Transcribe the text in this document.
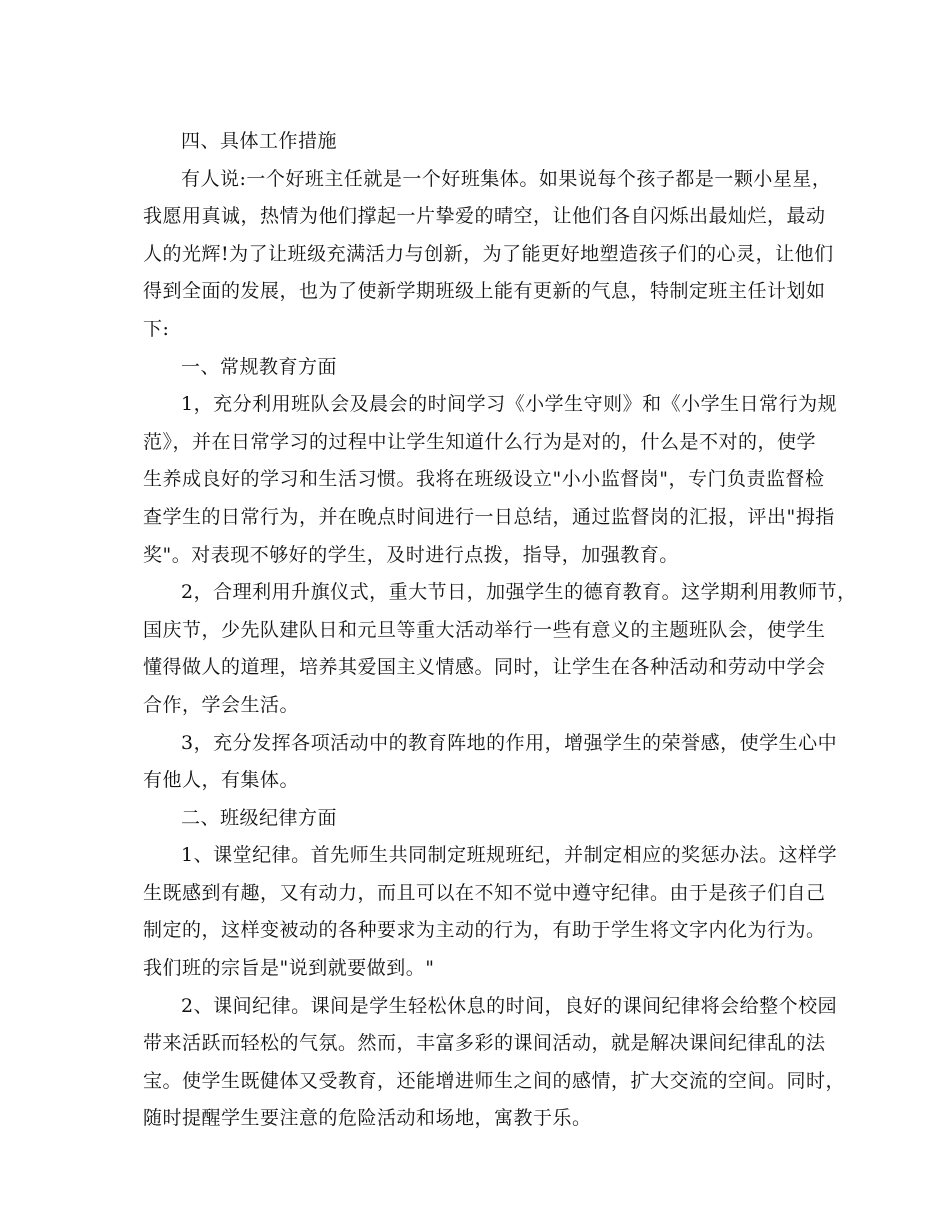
四、具体工作措施
有人说:一个好班主任就是一个好班集体。如果说每个孩子都是一颗小星星，
我愿用真诚，热情为他们撑起一片挚爱的晴空，让他们各自闪烁出最灿烂，最动
人的光辉!为了让班级充满活力与创新，为了能更好地塑造孩子们的心灵，让他们
得到全面的发展，也为了使新学期班级上能有更新的气息，特制定班主任计划如
下:
一、常规教育方面
1，充分利用班队会及晨会的时间学习《小学生守则》和《小学生日常行为规
范》，并在日常学习的过程中让学生知道什么行为是对的，什么是不对的，使学
生养成良好的学习和生活习惯。我将在班级设立"小小监督岗"，专门负责监督检
查学生的日常行为，并在晚点时间进行一日总结，通过监督岗的汇报，评出"拇指
奖"。对表现不够好的学生，及时进行点拨，指导，加强教育。
2，合理利用升旗仪式，重大节日，加强学生的德育教育。这学期利用教师节，
国庆节，少先队建队日和元旦等重大活动举行一些有意义的主题班队会，使学生
懂得做人的道理，培养其爱国主义情感。同时，让学生在各种活动和劳动中学会
合作，学会生活。
3，充分发挥各项活动中的教育阵地的作用，增强学生的荣誉感，使学生心中
有他人，有集体。
二、班级纪律方面
1、课堂纪律。首先师生共同制定班规班纪，并制定相应的奖惩办法。这样学
生既感到有趣，又有动力，而且可以在不知不觉中遵守纪律。由于是孩子们自己
制定的，这样变被动的各种要求为主动的行为，有助于学生将文字内化为行为。
我们班的宗旨是"说到就要做到。"
2、课间纪律。课间是学生轻松休息的时间，良好的课间纪律将会给整个校园
带来活跃而轻松的气氛。然而，丰富多彩的课间活动，就是解决课间纪律乱的法
宝。使学生既健体又受教育，还能增进师生之间的感情，扩大交流的空间。同时，
随时提醒学生要注意的危险活动和场地，寓教于乐。
